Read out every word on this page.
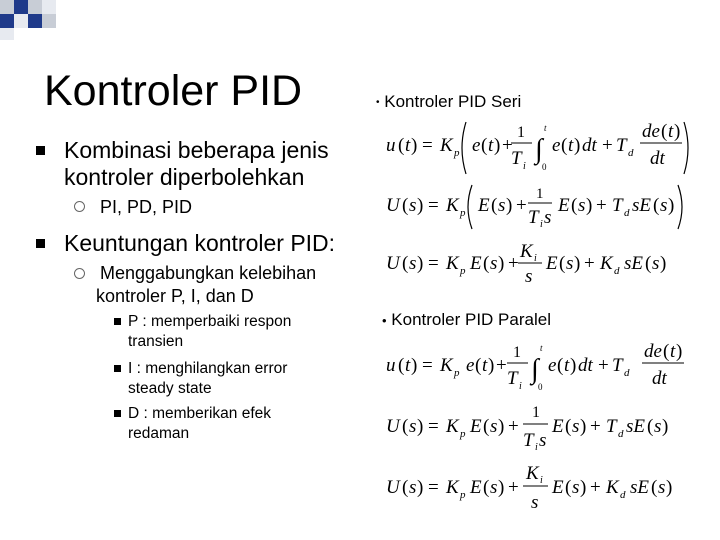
Kontroler PID
Kombinasi beberapa jenis kontroler diperbolehkan
PI, PD, PID
Keuntungan kontroler PID:
Menggabungkan kelebihan kontroler P, I, dan D
P : memperbaiki respon transien
I : menghilangkan error steady state
D : memberikan efek redaman
• Kontroler PID Seri
• Kontroler PID Paralel
u ( t ) = K p e ( t ) +
1
T i
∫
t
0
e ( t ) dt + T d
de ( t )
dt
U ( s ) = K p E ( s ) +
1
T i s
E ( s ) + T d sE ( s )
U ( s ) = K p E ( s ) +
K i
s
E ( s ) + K d sE ( s )
u ( t ) = K p e ( t ) +
1
T i
∫
t
0
e ( t ) dt + T d
de ( t )
dt
U ( s ) = K p E ( s ) +
1
T i s
E ( s ) + T d sE ( s )
U ( s ) = K p E ( s ) +
K i
s
E ( s ) + K d sE ( s )
